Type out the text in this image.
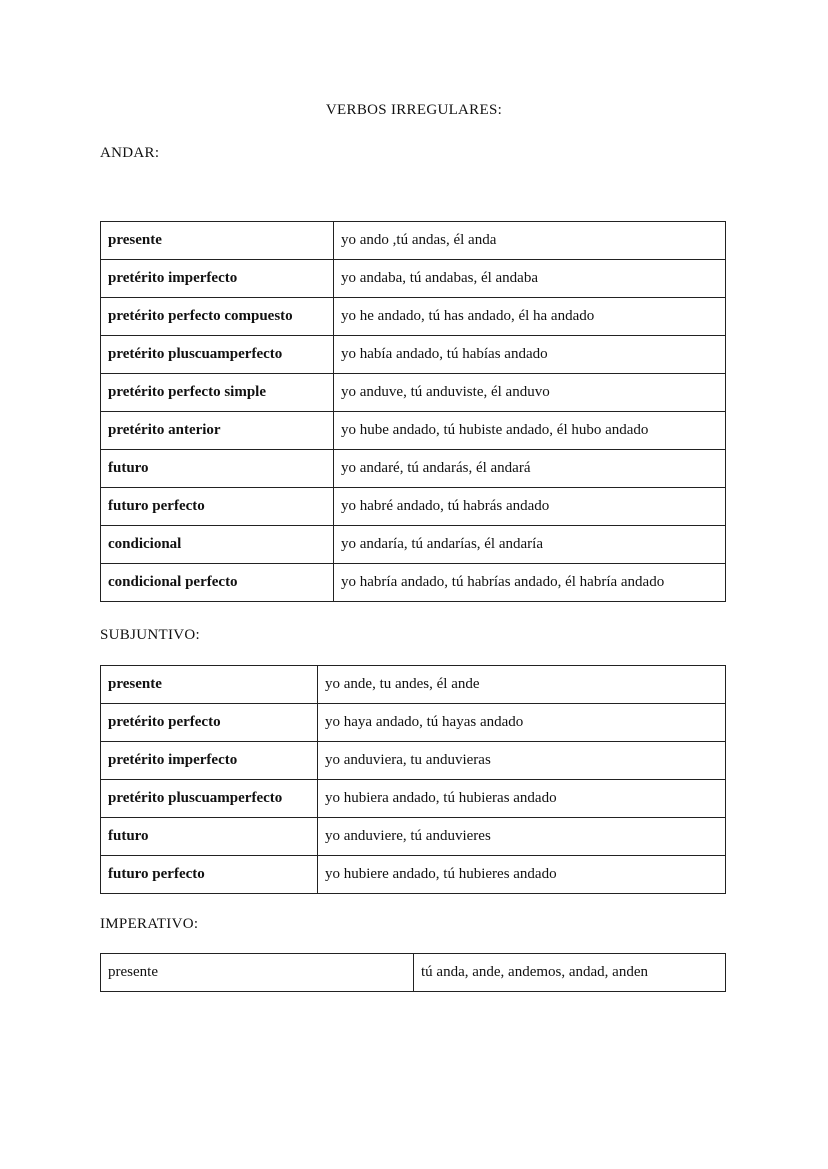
VERBOS IRREGULARES:
ANDAR:
presente	yo ando ,tú andas, él anda
pretérito imperfecto	yo andaba, tú andabas, él andaba
pretérito perfecto compuesto	yo he andado, tú has andado, él ha andado
pretérito pluscuamperfecto	yo había andado, tú habías andado
pretérito perfecto simple	yo anduve, tú anduviste, él anduvo
pretérito anterior	yo hube andado, tú hubiste andado, él hubo andado
futuro	yo andaré, tú andarás, él andará
futuro perfecto	yo habré andado, tú habrás andado
condicional	yo andaría, tú andarías, él andaría
condicional perfecto	yo habría andado, tú habrías andado, él habría andado
SUBJUNTIVO:
presente	yo ande, tu andes, él ande
pretérito perfecto	yo haya andado, tú hayas andado
pretérito imperfecto	yo anduviera, tu anduvieras
pretérito pluscuamperfecto	yo hubiera andado, tú hubieras andado
futuro	yo anduviere, tú anduvieres
futuro perfecto	yo hubiere andado, tú hubieres andado
IMPERATIVO:
presente	tú anda, ande, andemos, andad, anden
